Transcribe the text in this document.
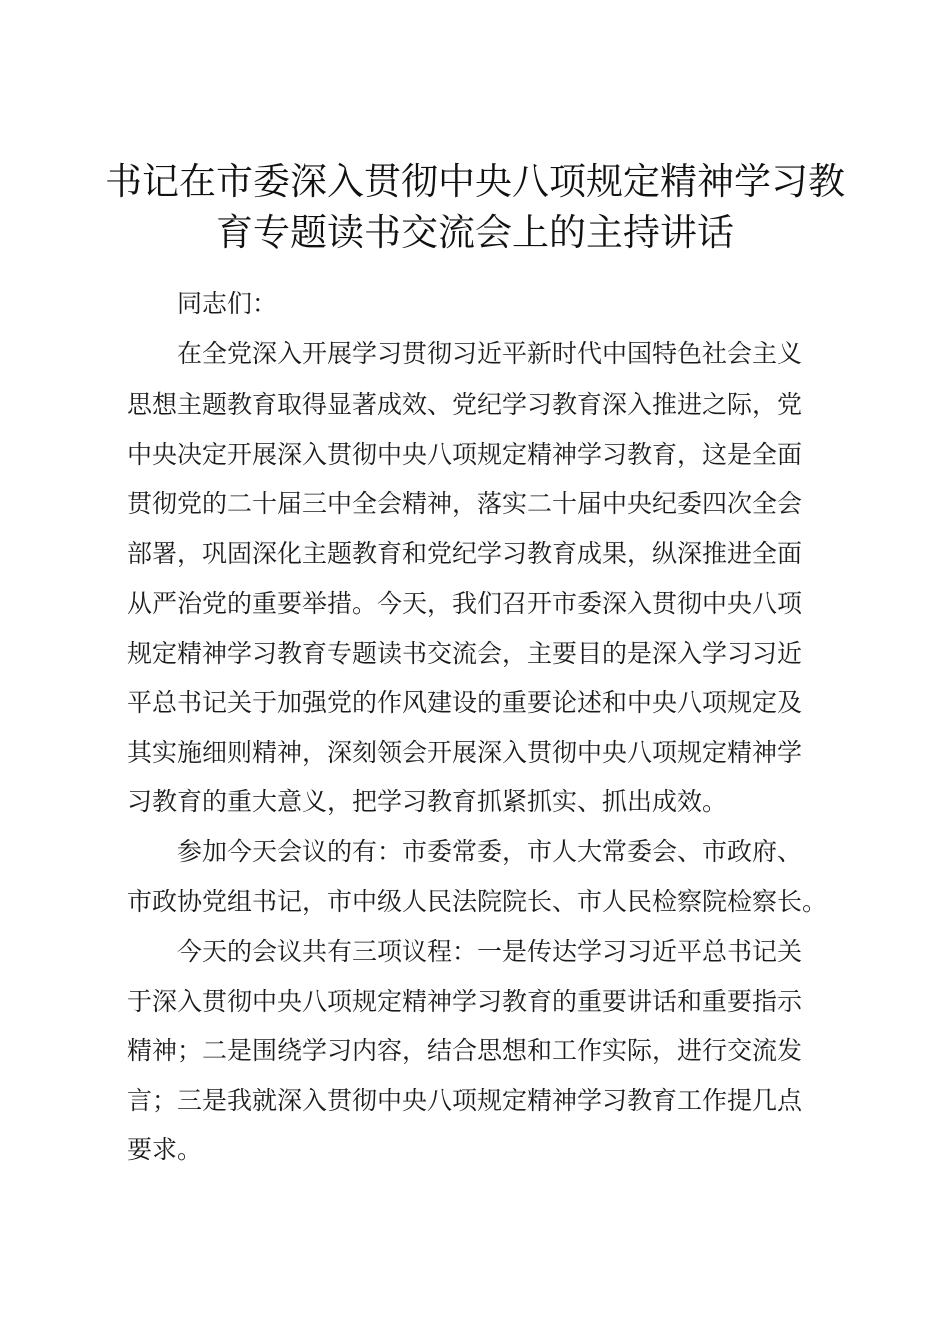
书记在市委深入贯彻中央八项规定精神学习教
育专题读书交流会上的主持讲话
同志们：
在全党深入开展学习贯彻习近平新时代中国特色社会主义
思想主题教育取得显著成效、党纪学习教育深入推进之际，党
中央决定开展深入贯彻中央八项规定精神学习教育，这是全面
贯彻党的二十届三中全会精神，落实二十届中央纪委四次全会
部署，巩固深化主题教育和党纪学习教育成果，纵深推进全面
从严治党的重要举措。今天，我们召开市委深入贯彻中央八项
规定精神学习教育专题读书交流会，主要目的是深入学习习近
平总书记关于加强党的作风建设的重要论述和中央八项规定及
其实施细则精神，深刻领会开展深入贯彻中央八项规定精神学
习教育的重大意义，把学习教育抓紧抓实、抓出成效。
参加今天会议的有：市委常委，市人大常委会、市政府、
市政协党组书记，市中级人民法院院长、市人民检察院检察长。
今天的会议共有三项议程：一是传达学习习近平总书记关
于深入贯彻中央八项规定精神学习教育的重要讲话和重要指示
精神；二是围绕学习内容，结合思想和工作实际，进行交流发
言；三是我就深入贯彻中央八项规定精神学习教育工作提几点
要求。
